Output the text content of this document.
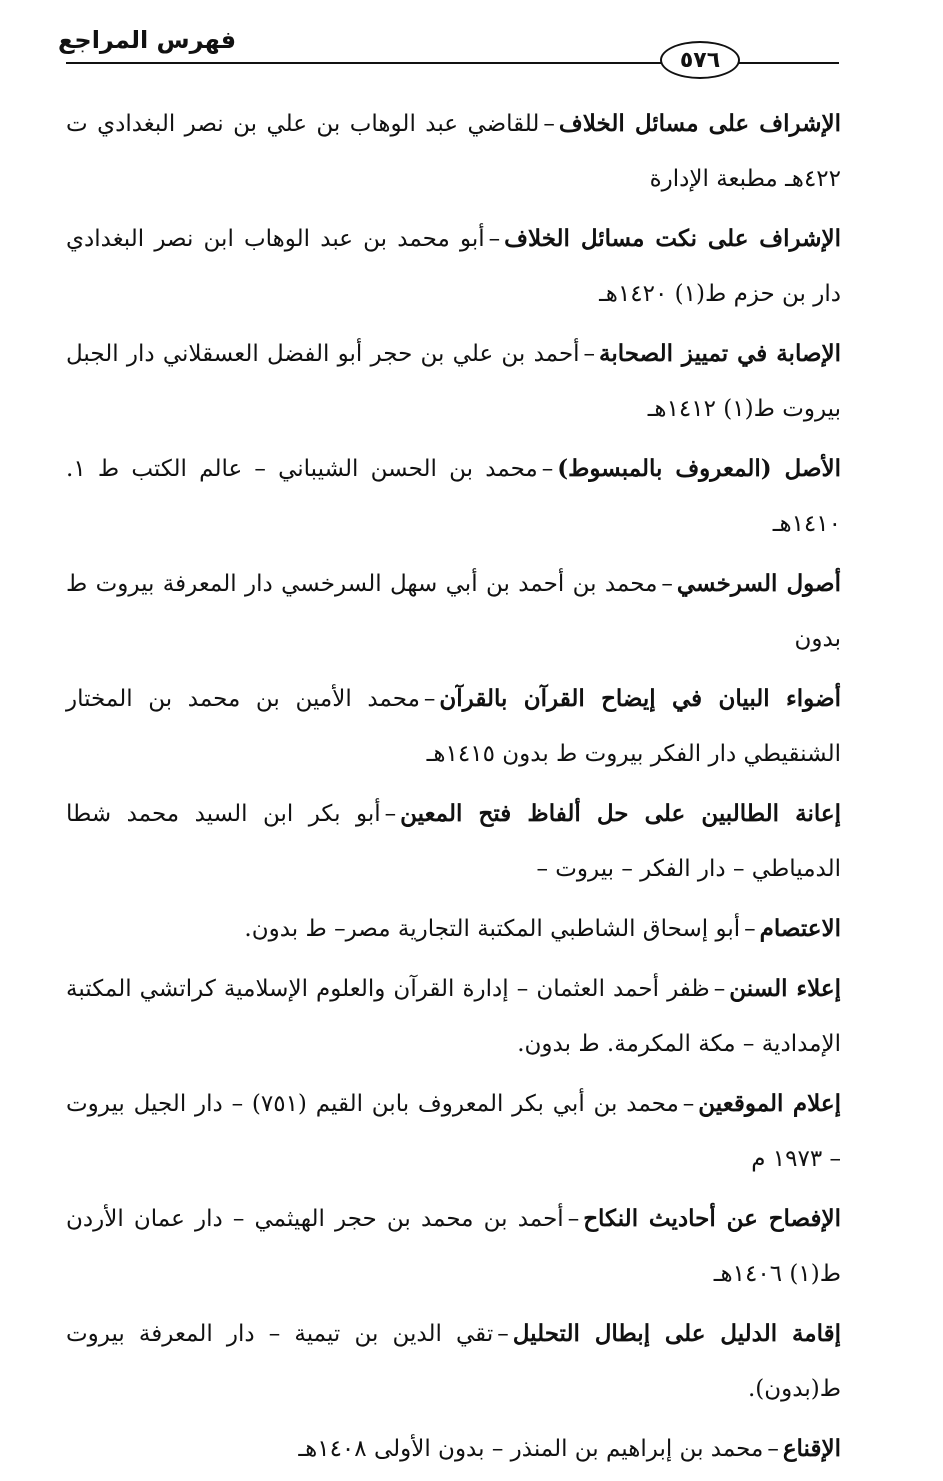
فهرس المراجع
٥٧٦

الإشراف على مسائل الخلاف–للقاضي عبد الوهاب بن علي بن نصر البغدادي ت ٤٢٢هـ مطبعة الإدارة

الإشراف على نكت مسائل الخلاف–أبو محمد بن عبد الوهاب ابن نصر البغدادي دار بن حزم ط(١) ١٤٢٠هـ

الإصابة في تمييز الصحابة–أحمد بن علي بن حجر أبو الفضل العسقلاني دار الجبل بيروت ط(١) ١٤١٢هـ

الأصل (المعروف بالمبسوط)–محمد بن الحسن الشيباني – عالم الكتب ط ١. ١٤١٠هـ

أصول السرخسي–محمد بن أحمد بن أبي سهل السرخسي دار المعرفة بيروت ط بدون

أضواء البيان في إيضاح القرآن بالقرآن–محمد الأمين بن محمد بن المختار الشنقيطي دار الفكر بيروت ط بدون ١٤١٥هـ

إعانة الطالبين على حل ألفاظ فتح المعين–أبو بكر ابن السيد محمد شطا الدمياطي – دار الفكر – بيروت –

الاعتصام–أبو إسحاق الشاطبي المكتبة التجارية مصر– ط بدون.

إعلاء السنن–ظفر أحمد العثمان – إدارة القرآن والعلوم الإسلامية كراتشي المكتبة الإمدادية – مكة المكرمة. ط بدون.

إعلام الموقعين–محمد بن أبي بكر المعروف بابن القيم (٧٥١) – دار الجيل بيروت – ١٩٧٣ م

الإفصاح عن أحاديث النكاح–أحمد بن محمد بن حجر الهيثمي – دار عمان الأردن ط(١) ١٤٠٦هـ

إقامة الدليل على إبطال التحليل–تقي الدين بن تيمية – دار المعرفة بيروت ط(بدون).

الإقناع–محمد بن إبراهيم بن المنذر – بدون الأولى ١٤٠٨هـ
